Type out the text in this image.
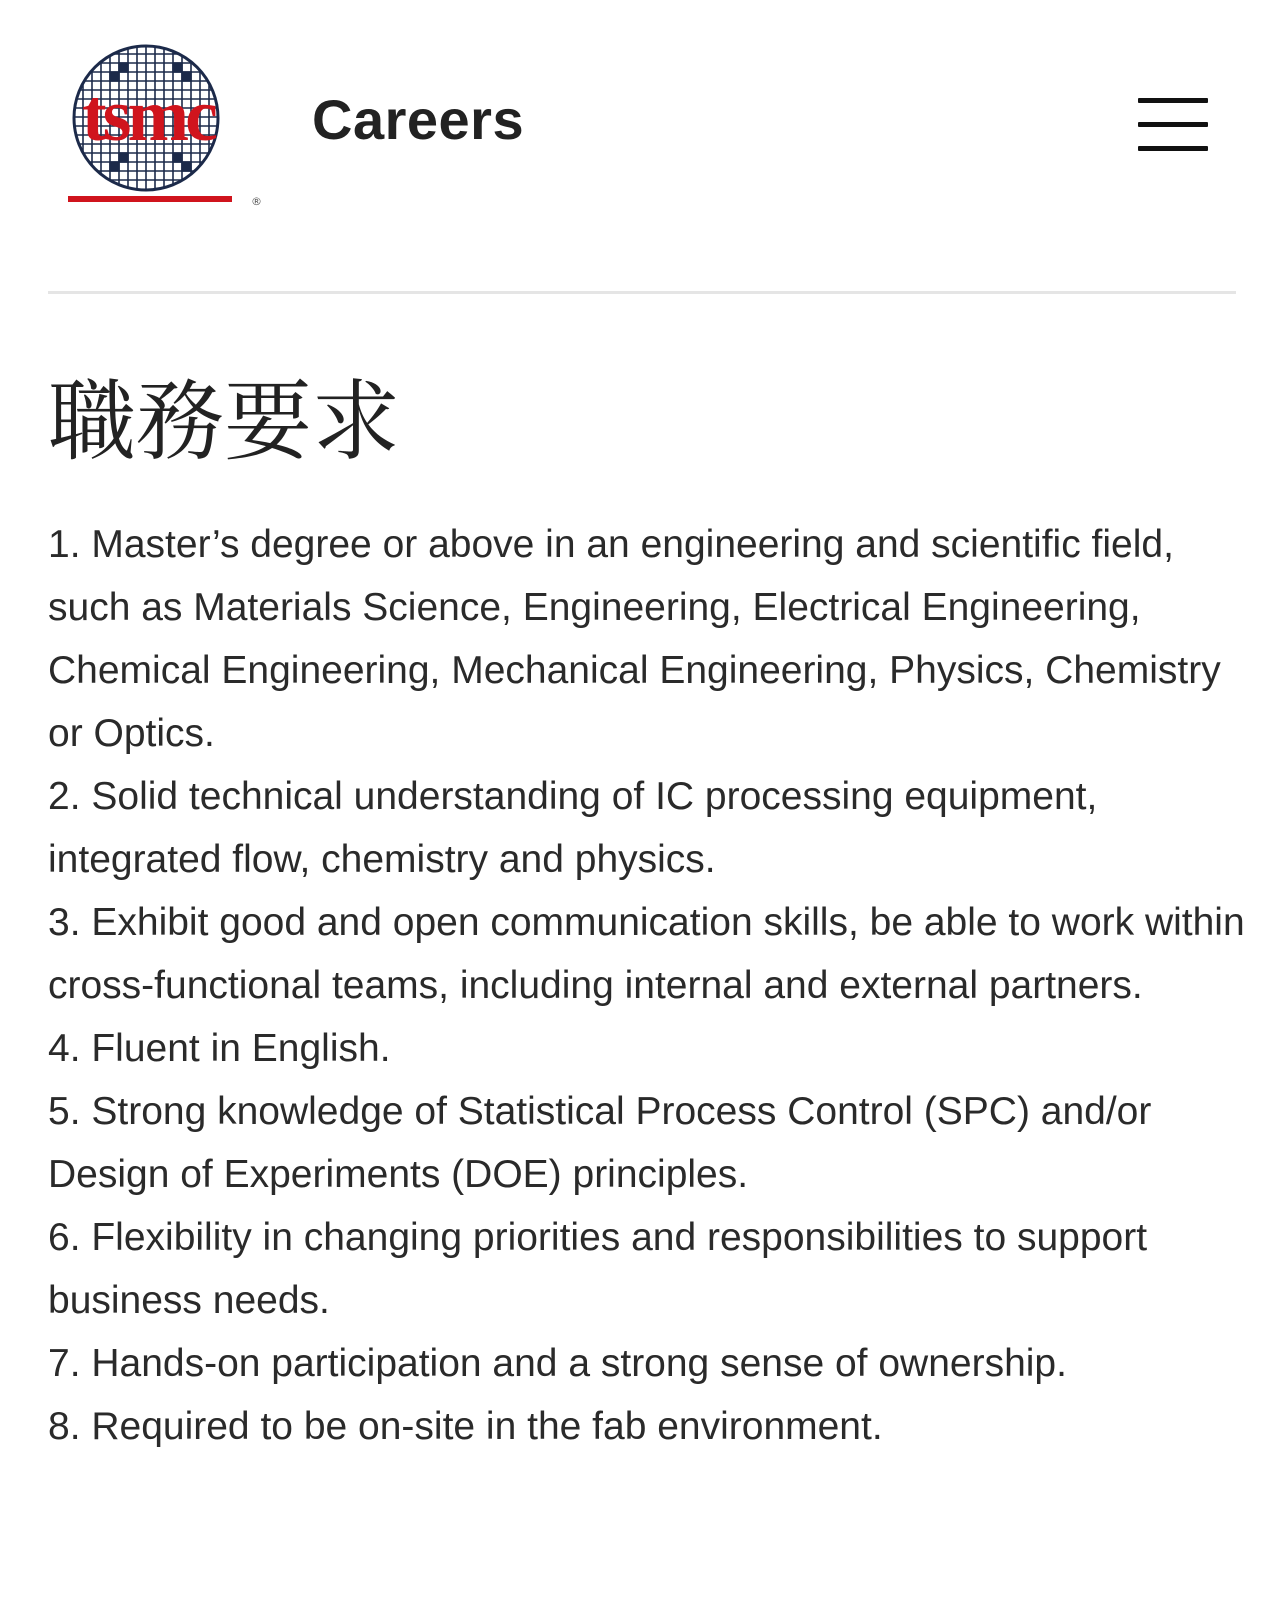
tsmc
®
Careers
職務要求
1. Master’s degree or above in an engineering and scientific field, such as Materials Science, Engineering, Electrical Engineering, Chemical Engineering, Mechanical Engineering, Physics, Chemistry or Optics.
2. Solid technical understanding of IC processing equipment, integrated flow, chemistry and physics.
3. Exhibit good and open communication skills, be able to work within cross-functional teams, including internal and external partners.
4. Fluent in English.
5. Strong knowledge of Statistical Process Control (SPC) and/or Design of Experiments (DOE) principles.
6. Flexibility in changing priorities and responsibilities to support business needs.
7. Hands-on participation and a strong sense of ownership.
8. Required to be on-site in the fab environment.
